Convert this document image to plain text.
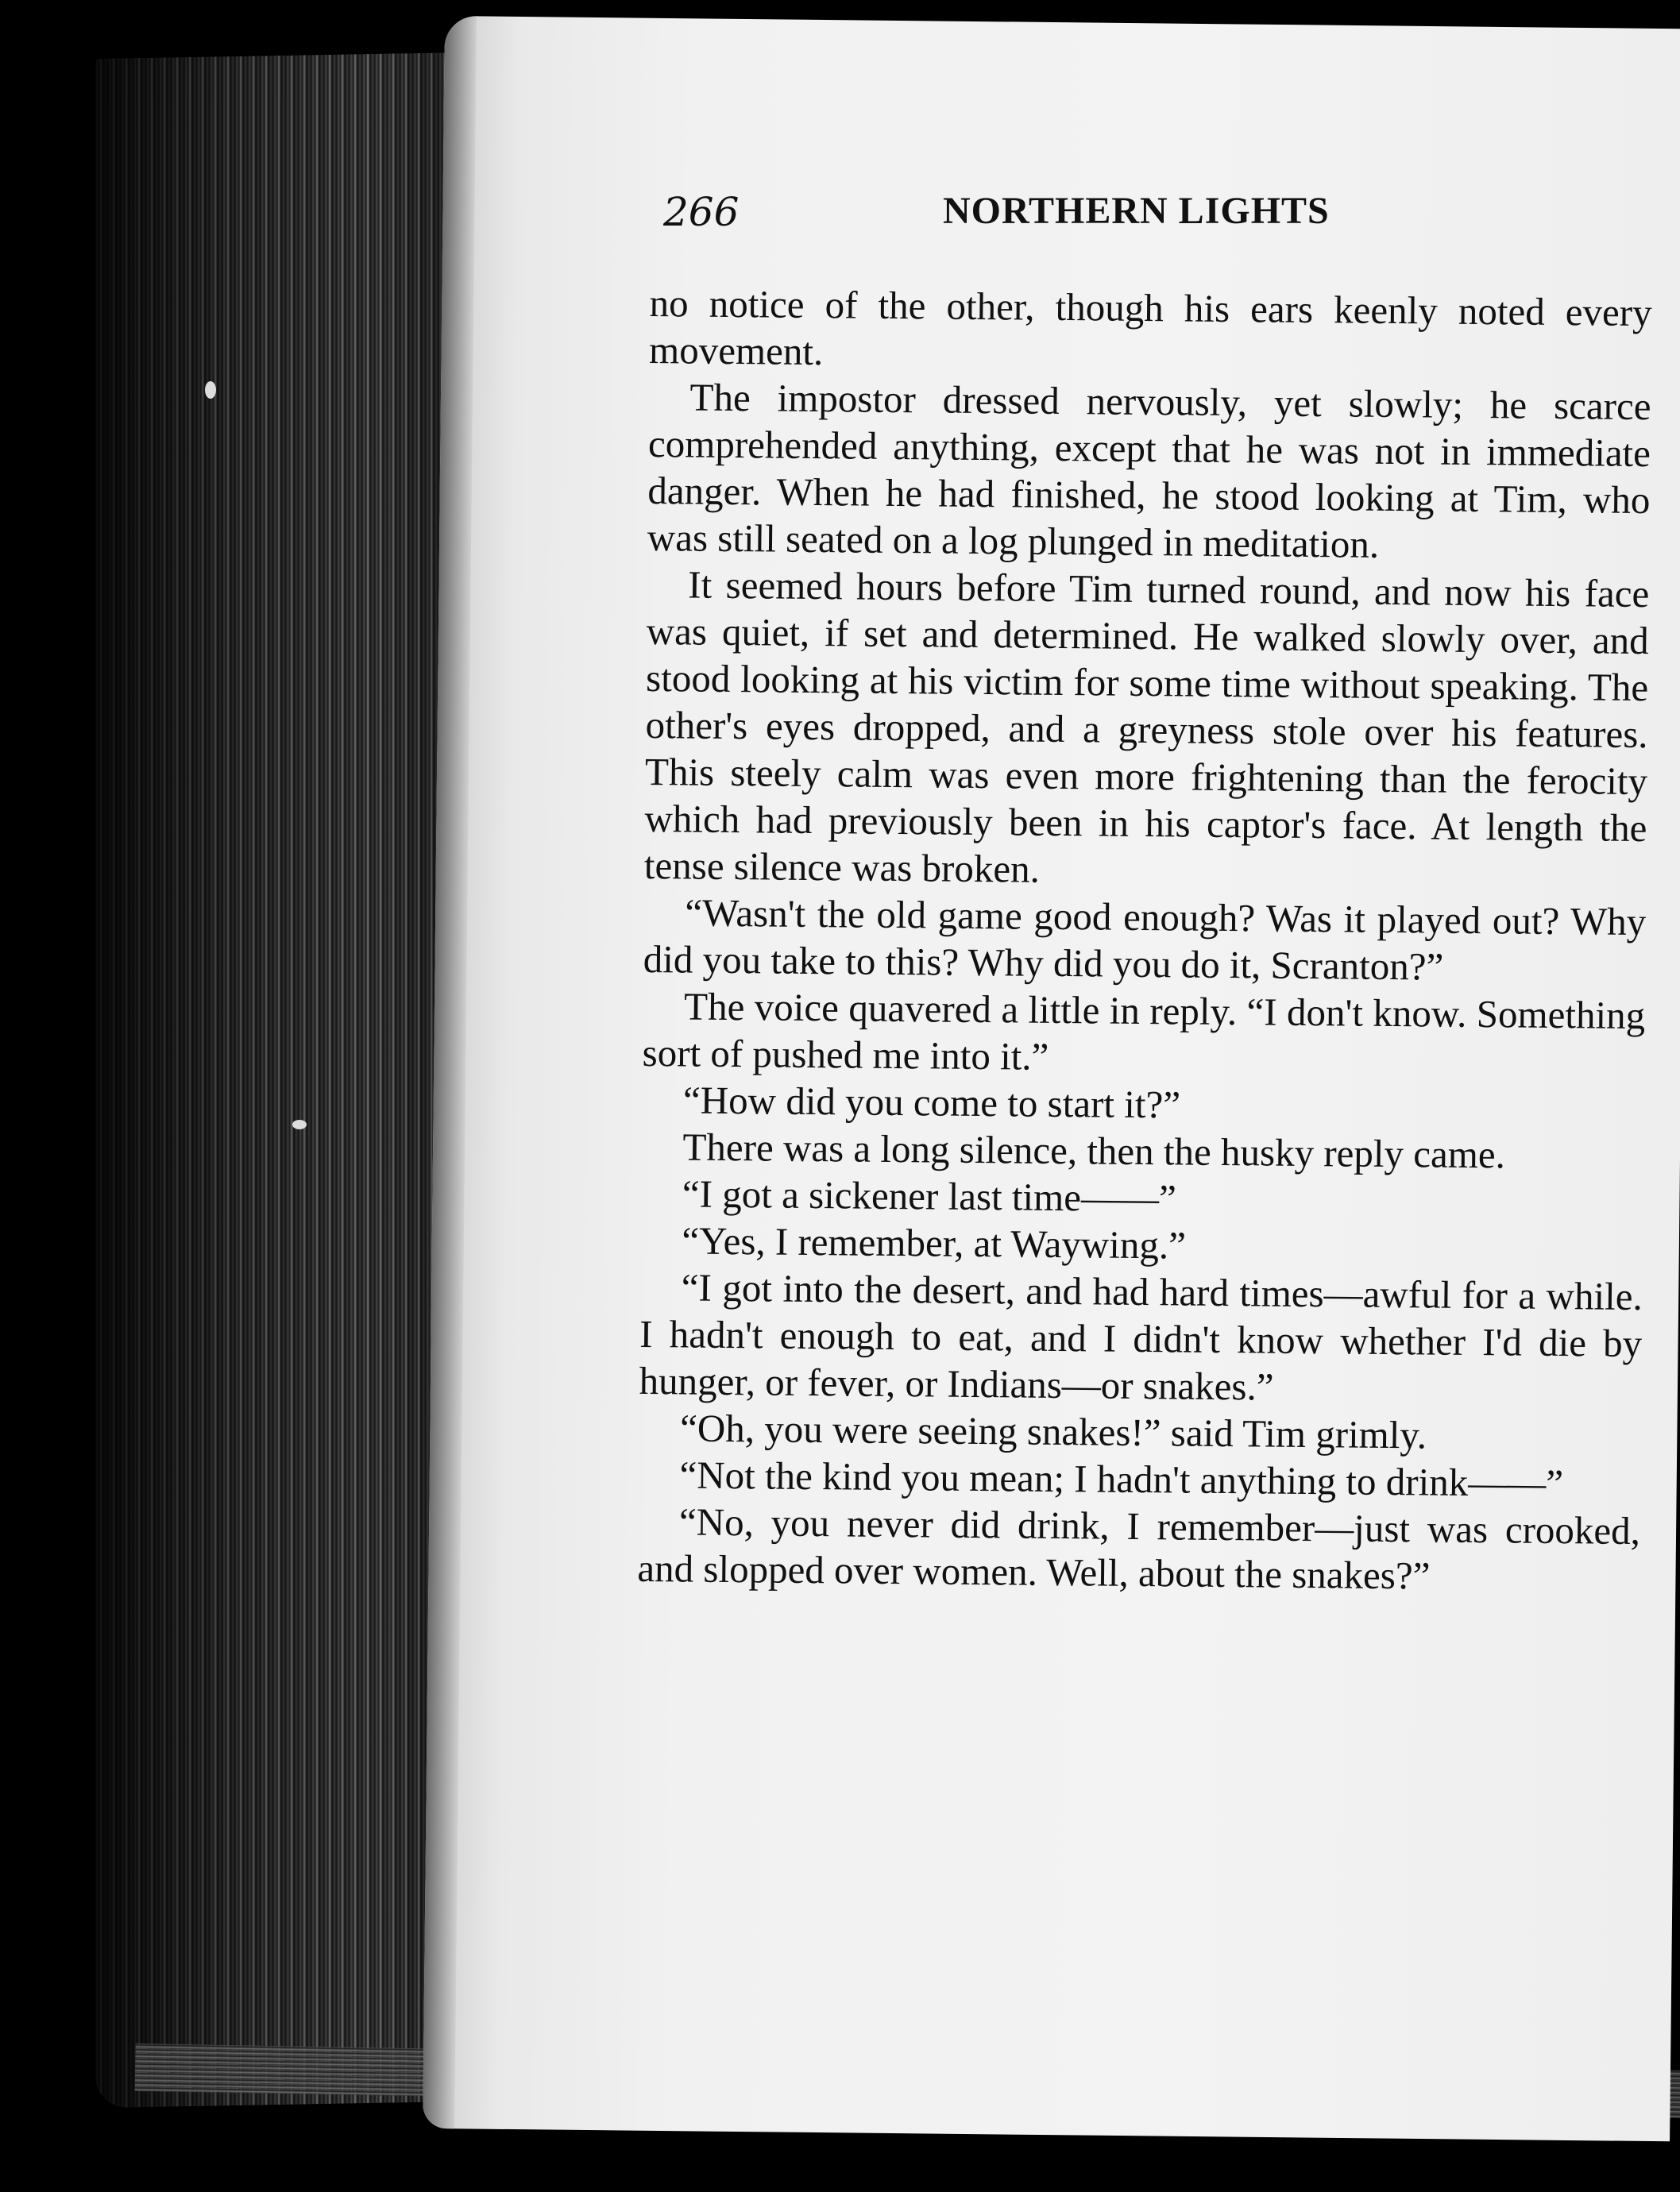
266	NORTHERN LIGHTS

no notice of the other, though his ears keenly noted every movement.

The impostor dressed nervously, yet slowly; he scarce comprehended anything, except that he was not in immediate danger. When he had finished, he stood looking at Tim, who was still seated on a log plunged in meditation.

It seemed hours before Tim turned round, and now his face was quiet, if set and determined. He walked slowly over, and stood looking at his victim for some time without speaking. The other's eyes dropped, and a greyness stole over his features. This steely calm was even more frightening than the ferocity which had previously been in his captor's face. At length the tense silence was broken.

“Wasn't the old game good enough? Was it played out? Why did you take to this? Why did you do it, Scranton?”

The voice quavered a little in reply. “I don't know. Something sort of pushed me into it.”

“How did you come to start it?”

There was a long silence, then the husky reply came.

“I got a sickener last time——”

“Yes, I remember, at Waywing.”

“I got into the desert, and had hard times—awful for a while. I hadn't enough to eat, and I didn't know whether I'd die by hunger, or fever, or Indians—or snakes.”

“Oh, you were seeing snakes!” said Tim grimly.

“Not the kind you mean; I hadn't anything to drink——”

“No, you never did drink, I remember—just was crooked, and slopped over women. Well, about the snakes?”
